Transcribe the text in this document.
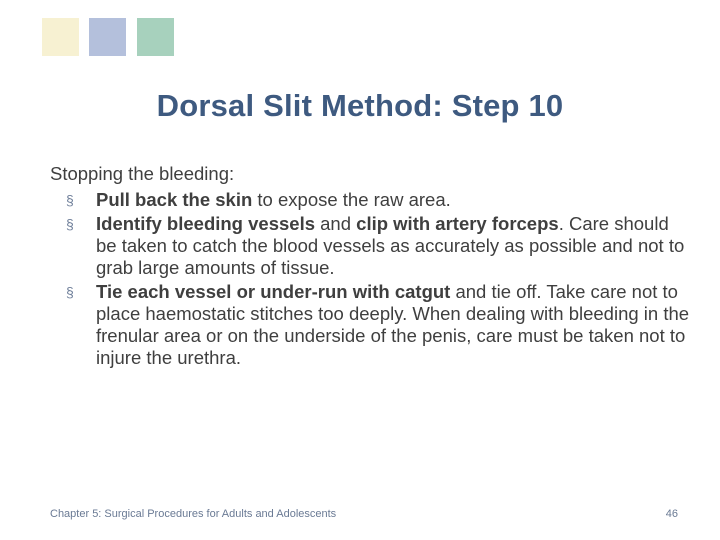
Dorsal Slit Method: Step 10

Stopping the bleeding:

§ Pull back the skin to expose the raw area.
§ Identify bleeding vessels and clip with artery forceps. Care should be taken to catch the blood vessels as accurately as possible and not to grab large amounts of tissue.
§ Tie each vessel or under-run with catgut and tie off. Take care not to place haemostatic stitches too deeply. When dealing with bleeding in the frenular area or on the underside of the penis, care must be taken not to injure the urethra.
Chapter 5: Surgical Procedures for Adults and Adolescents	46
